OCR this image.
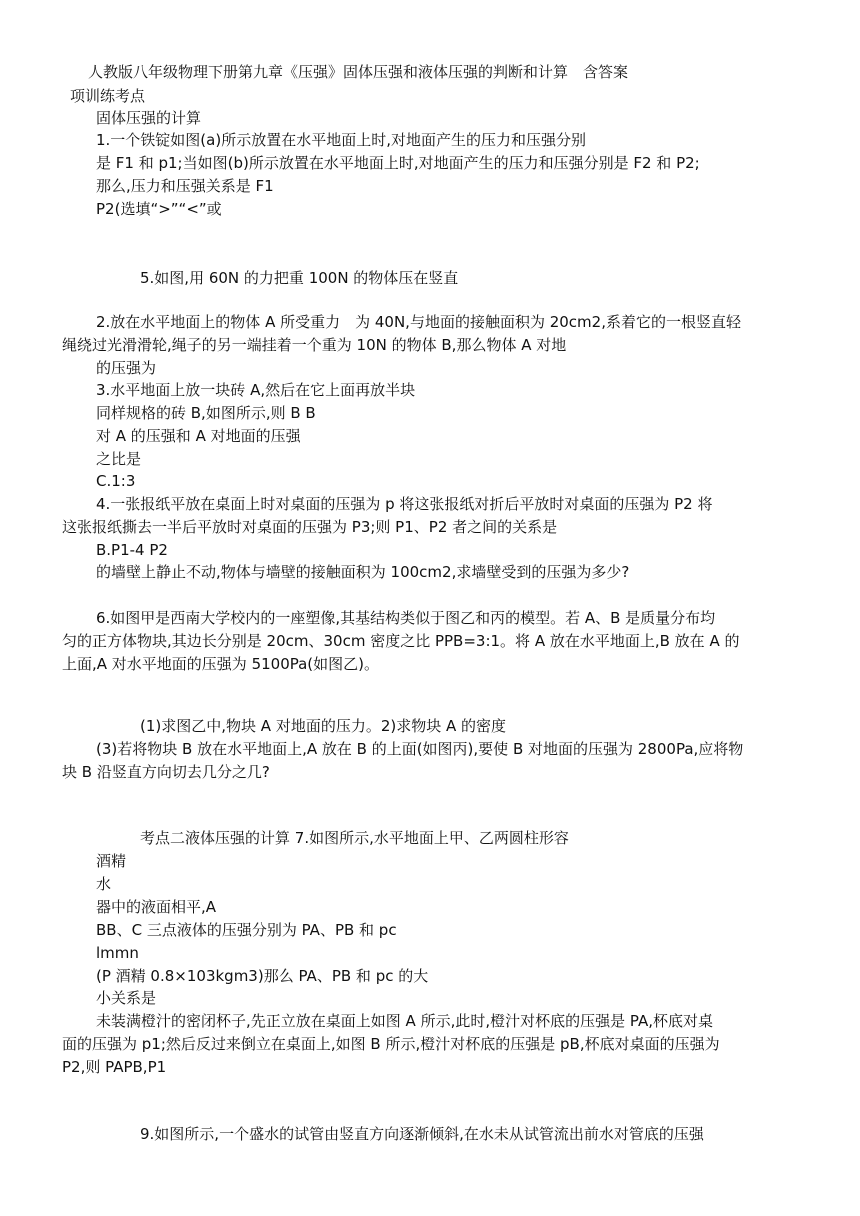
人教版八年级物理下册第九章《压强》固体压强和液体压强的判断和计算　含答案
项训练考点
固体压强的计算
1.一个铁锭如图(a)所示放置在水平地面上时,对地面产生的压力和压强分别
是 F1 和 p1;当如图(b)所示放置在水平地面上时,对地面产生的压力和压强分别是 F2 和 P2;
那么,压力和压强关系是 F1
P2(选填“>”“<”或
5.如图,用 60N 的力把重 100N 的物体压在竖直
2.放在水平地面上的物体 A 所受重力　为 40N,与地面的接触面积为 20cm2,系着它的一根竖直轻
绳绕过光滑滑轮,绳子的另一端挂着一个重为 10N 的物体 B,那么物体 A 对地
的压强为
3.水平地面上放一块砖 A,然后在它上面再放半块
同样规格的砖 B,如图所示,则 B B
对 A 的压强和 A 对地面的压强
之比是
C.1:3
4.一张报纸平放在桌面上时对桌面的压强为 p 将这张报纸对折后平放时对桌面的压强为 P2 将
这张报纸撕去一半后平放时对桌面的压强为 P3;则 P1、P2 者之间的关系是
B.P1-4 P2
的墙壁上静止不动,物体与墙壁的接触面积为 100cm2,求墙壁受到的压强为多少?
6.如图甲是西南大学校内的一座塑像,其基结构类似于图乙和丙的模型。若 A、B 是质量分布均
匀的正方体物块,其边长分别是 20cm、30cm 密度之比 PPB=3:1。将 A 放在水平地面上,B 放在 A 的
上面,A 对水平地面的压强为 5100Pa(如图乙)。
(1)求图乙中,物块 A 对地面的压力。2)求物块 A 的密度
(3)若将物块 B 放在水平地面上,A 放在 B 的上面(如图丙),要使 B 对地面的压强为 2800Pa,应将物
块 B 沿竖直方向切去几分之几?
考点二液体压强的计算 7.如图所示,水平地面上甲、乙两圆柱形容
酒精
水
器中的液面相平,A
BB、C 三点液体的压强分别为 PA、PB 和 pc
lmmn
(P 酒精 0.8×103kgm3)那么 PA、PB 和 pc 的大
小关系是
未装满橙汁的密闭杯子,先正立放在桌面上如图 A 所示,此时,橙汁对杯底的压强是 PA,杯底对桌
面的压强为 p1;然后反过来倒立在桌面上,如图 B 所示,橙汁对杯底的压强是 pB,杯底对桌面的压强为
P2,则 PAPB,P1
9.如图所示,一个盛水的试管由竖直方向逐渐倾斜,在水未从试管流出前水对管底的压强
